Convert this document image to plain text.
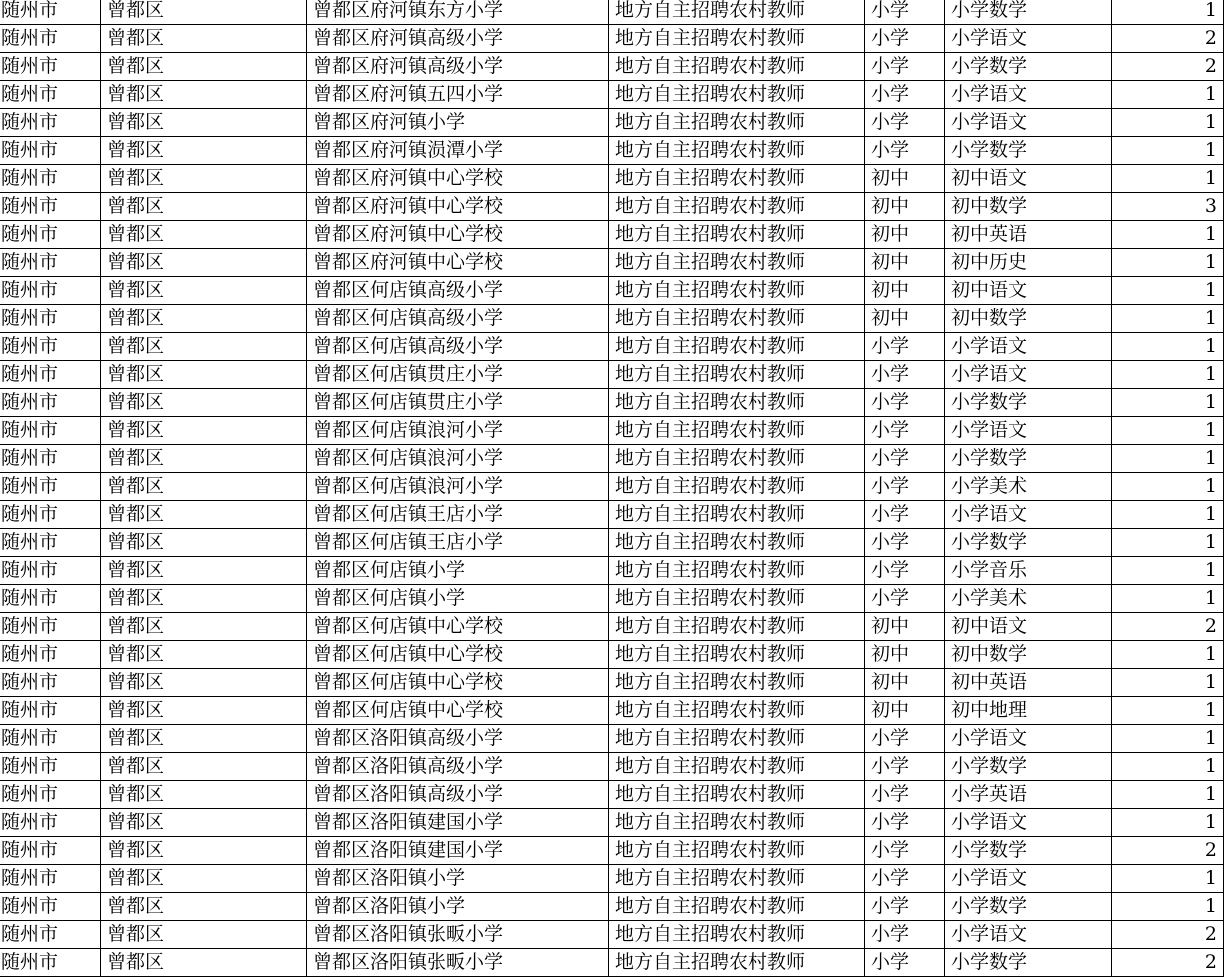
随州市	曾都区	曾都区府河镇东方小学	地方自主招聘农村教师	小学	小学数学	1
随州市	曾都区	曾都区府河镇高级小学	地方自主招聘农村教师	小学	小学语文	2
随州市	曾都区	曾都区府河镇高级小学	地方自主招聘农村教师	小学	小学数学	2
随州市	曾都区	曾都区府河镇五四小学	地方自主招聘农村教师	小学	小学语文	1
随州市	曾都区	曾都区府河镇小学	地方自主招聘农村教师	小学	小学语文	1
随州市	曾都区	曾都区府河镇涢潭小学	地方自主招聘农村教师	小学	小学数学	1
随州市	曾都区	曾都区府河镇中心学校	地方自主招聘农村教师	初中	初中语文	1
随州市	曾都区	曾都区府河镇中心学校	地方自主招聘农村教师	初中	初中数学	3
随州市	曾都区	曾都区府河镇中心学校	地方自主招聘农村教师	初中	初中英语	1
随州市	曾都区	曾都区府河镇中心学校	地方自主招聘农村教师	初中	初中历史	1
随州市	曾都区	曾都区何店镇高级小学	地方自主招聘农村教师	初中	初中语文	1
随州市	曾都区	曾都区何店镇高级小学	地方自主招聘农村教师	初中	初中数学	1
随州市	曾都区	曾都区何店镇高级小学	地方自主招聘农村教师	小学	小学语文	1
随州市	曾都区	曾都区何店镇贯庄小学	地方自主招聘农村教师	小学	小学语文	1
随州市	曾都区	曾都区何店镇贯庄小学	地方自主招聘农村教师	小学	小学数学	1
随州市	曾都区	曾都区何店镇浪河小学	地方自主招聘农村教师	小学	小学语文	1
随州市	曾都区	曾都区何店镇浪河小学	地方自主招聘农村教师	小学	小学数学	1
随州市	曾都区	曾都区何店镇浪河小学	地方自主招聘农村教师	小学	小学美术	1
随州市	曾都区	曾都区何店镇王店小学	地方自主招聘农村教师	小学	小学语文	1
随州市	曾都区	曾都区何店镇王店小学	地方自主招聘农村教师	小学	小学数学	1
随州市	曾都区	曾都区何店镇小学	地方自主招聘农村教师	小学	小学音乐	1
随州市	曾都区	曾都区何店镇小学	地方自主招聘农村教师	小学	小学美术	1
随州市	曾都区	曾都区何店镇中心学校	地方自主招聘农村教师	初中	初中语文	2
随州市	曾都区	曾都区何店镇中心学校	地方自主招聘农村教师	初中	初中数学	1
随州市	曾都区	曾都区何店镇中心学校	地方自主招聘农村教师	初中	初中英语	1
随州市	曾都区	曾都区何店镇中心学校	地方自主招聘农村教师	初中	初中地理	1
随州市	曾都区	曾都区洛阳镇高级小学	地方自主招聘农村教师	小学	小学语文	1
随州市	曾都区	曾都区洛阳镇高级小学	地方自主招聘农村教师	小学	小学数学	1
随州市	曾都区	曾都区洛阳镇高级小学	地方自主招聘农村教师	小学	小学英语	1
随州市	曾都区	曾都区洛阳镇建国小学	地方自主招聘农村教师	小学	小学语文	1
随州市	曾都区	曾都区洛阳镇建国小学	地方自主招聘农村教师	小学	小学数学	2
随州市	曾都区	曾都区洛阳镇小学	地方自主招聘农村教师	小学	小学语文	1
随州市	曾都区	曾都区洛阳镇小学	地方自主招聘农村教师	小学	小学数学	1
随州市	曾都区	曾都区洛阳镇张畈小学	地方自主招聘农村教师	小学	小学语文	2
随州市	曾都区	曾都区洛阳镇张畈小学	地方自主招聘农村教师	小学	小学数学	2
